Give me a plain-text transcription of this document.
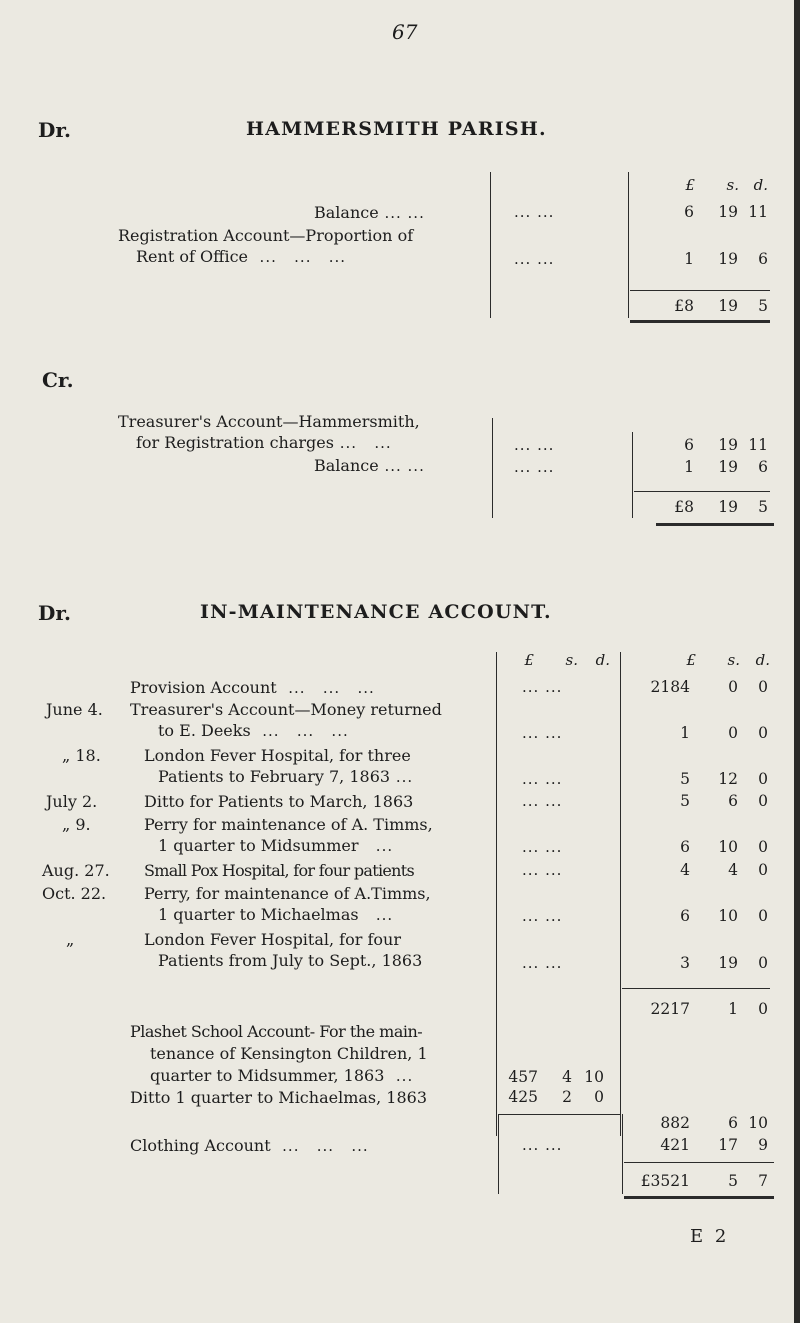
67
Dr.	HAMMERSMITH PARISH.
£	s. d.
Balance ... ...	... ...	6	19 11
Registration Account—Proportion of
Rent of Office  ...   ...   ...	... ...	1	19	6
£8	19	5
Cr.
Treasurer's Account—Hammersmith,
for Registration charges ...   ...	... ...	6	19 11
Balance ... ...	... ...	1	19	6
£8	19	5
Dr.	IN-MAINTENANCE ACCOUNT.
£	s.	d.	£	s.	d.
Provision Account  ...   ...   ...	... ...	2184	0	0
June 4. Treasurer's Account—Money returned
to E. Deeks  ...   ...   ...	... ...	1	0	0
„ 18.	London Fever Hospital, for three
Patients to February 7, 1863 ...	... ...	5	12	0
July 2.	Ditto for Patients to March, 1863	... ...	5	6	0
„ 9.	Perry for maintenance of A. Timms,
1 quarter to Midsummer   ...	... ...	6	10	0
Aug. 27. Small Pox Hospital, for four patients	... ...	4	4	0
Oct. 22. Perry, for maintenance of A.Timms,
1 quarter to Michaelmas   ...	... ...	6	10	0
„	London Fever Hospital, for four
Patients from July to Sept., 1863	... ...	3	19	0
2217	1	0
Plashet School Account- For the main-
tenance of Kensington Children, 1
quarter to Midsummer, 1863  ...	457	4 10
Ditto 1 quarter to Michaelmas, 1863	425	2	0
882	6 10
Clothing Account  ...   ...   ...	... ...	421	17	9
£3521	5	7
E 2
